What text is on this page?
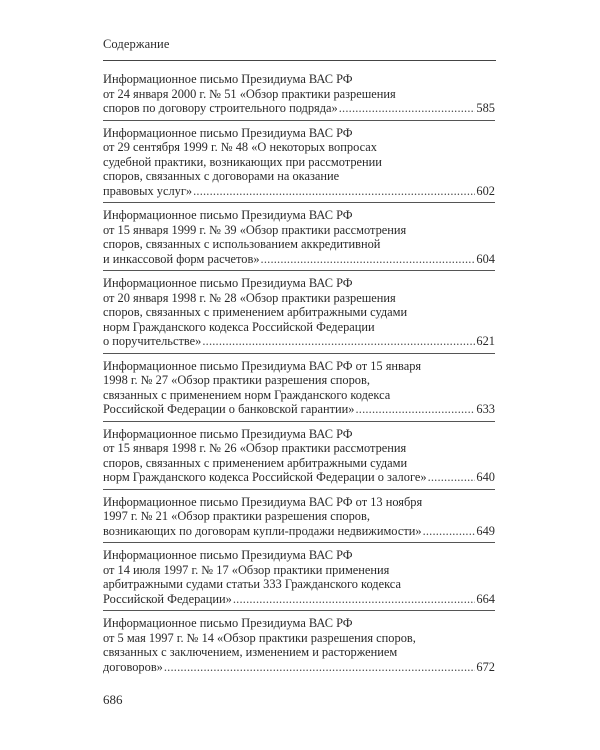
Содержание
Информационное письмо Президиума ВАС РФ
от 24 января 2000 г. № 51 «Обзор практики разрешения
споров по договору строительного подряда» .....	585
Информационное письмо Президиума ВАС РФ
от 29 сентября 1999 г. № 48 «О некоторых вопросах
судебной практики, возникающих при рассмотрении
споров, связанных с договорами на оказание
правовых услуг» .....	602
Информационное письмо Президиума ВАС РФ
от 15 января 1999 г. № 39 «Обзор практики рассмотрения
споров, связанных с использованием аккредитивной
и инкассовой форм расчетов» .....	604
Информационное письмо Президиума ВАС РФ
от 20 января 1998 г. № 28 «Обзор практики разрешения
споров, связанных с применением арбитражными судами
норм Гражданского кодекса Российской Федерации
о поручительстве» .....	621
Информационное письмо Президиума ВАС РФ от 15 января
1998 г. № 27 «Обзор практики разрешения споров,
связанных с применением норм Гражданского кодекса
Российской Федерации о банковской гарантии» .....	633
Информационное письмо Президиума ВАС РФ
от 15 января 1998 г. № 26 «Обзор практики рассмотрения
споров, связанных с применением арбитражными судами
норм Гражданского кодекса Российской Федерации о залоге» .....	640
Информационное письмо Президиума ВАС РФ от 13 ноября
1997 г. № 21 «Обзор практики разрешения споров,
возникающих по договорам купли-продажи недвижимости» .....	649
Информационное письмо Президиума ВАС РФ
от 14 июля 1997 г. № 17 «Обзор практики применения
арбитражными судами статьи 333 Гражданского кодекса
Российской Федерации» .....	664
Информационное письмо Президиума ВАС РФ
от 5 мая 1997 г. № 14 «Обзор практики разрешения споров,
связанных с заключением, изменением и расторжением
договоров» .....	672
686
